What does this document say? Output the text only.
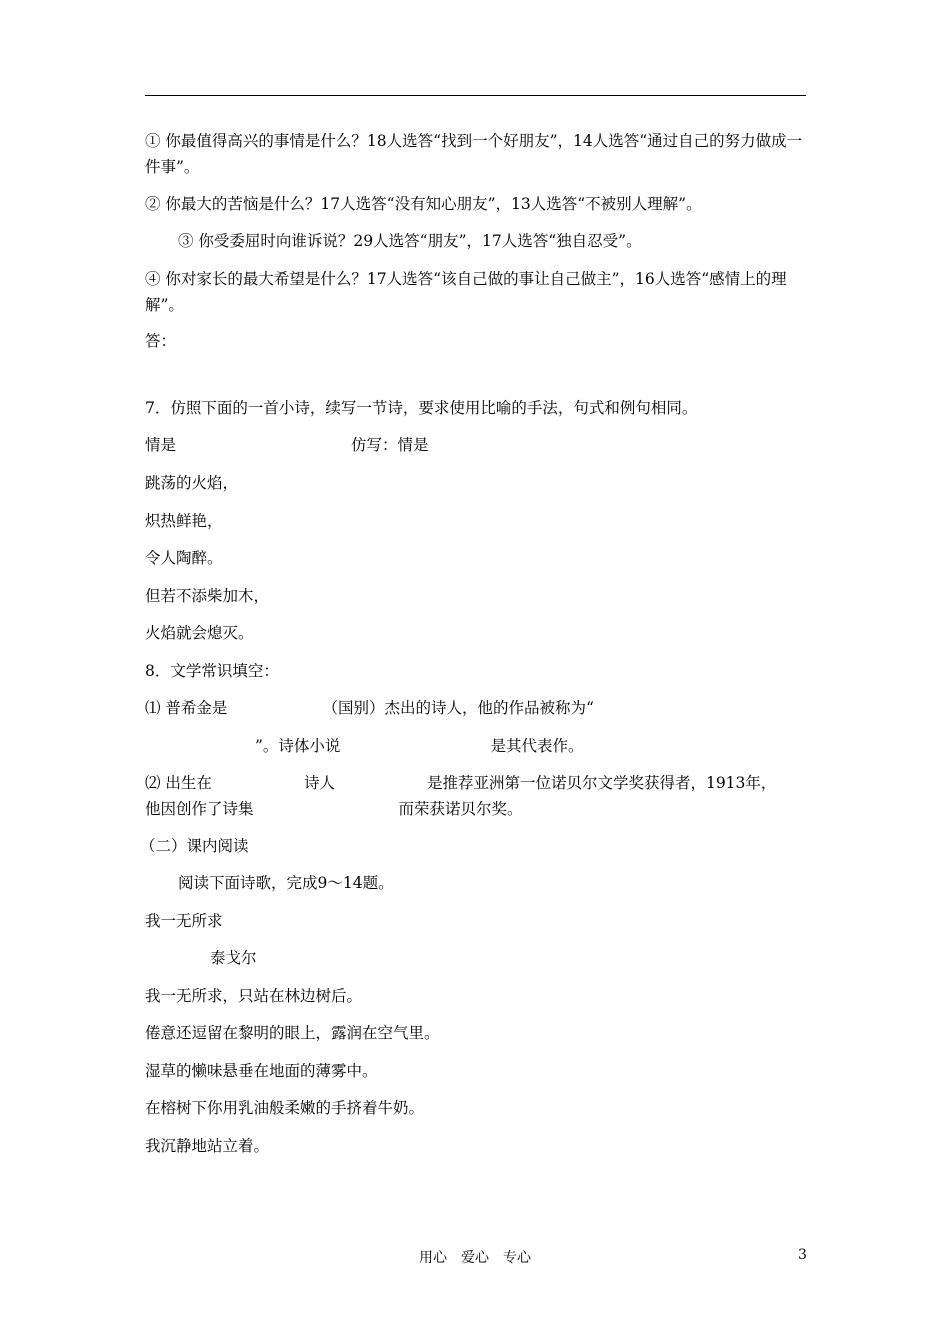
① 你最值得高兴的事情是什么？18人选答“找到一个好朋友”，14人选答“通过自己的努力做成一件事”。
② 你最大的苦恼是什么？17人选答“没有知心朋友”，13人选答“不被别人理解”。
③ 你受委屈时向谁诉说？29人选答“朋友”，17人选答“独自忍受”。
④ 你对家长的最大希望是什么？17人选答“该自己做的事让自己做主”，16人选答“感情上的理解”。
答：
7．仿照下面的一首小诗，续写一节诗，要求使用比喻的手法，句式和例句相同。
情是	仿写：情是
跳荡的火焰，
炽热鲜艳，
令人陶醉。
但若不添柴加木，
火焰就会熄灭。
8．文学常识填空：
⑴ 普希金是	（国别）杰出的诗人，他的作品被称为“
”。诗体小说	是其代表作。
⑵ 出生在	诗人	是推荐亚洲第一位诺贝尔文学奖获得者，1913年，
他因创作了诗集	而荣获诺贝尔奖。
（二）课内阅读
阅读下面诗歌，完成9～14题。
我一无所求
泰戈尔
我一无所求，只站在林边树后。
倦意还逗留在黎明的眼上，露润在空气里。
湿草的懒味悬垂在地面的薄雾中。
在榕树下你用乳油般柔嫩的手挤着牛奶。
我沉静地站立着。
用心　爱心　专心	3
